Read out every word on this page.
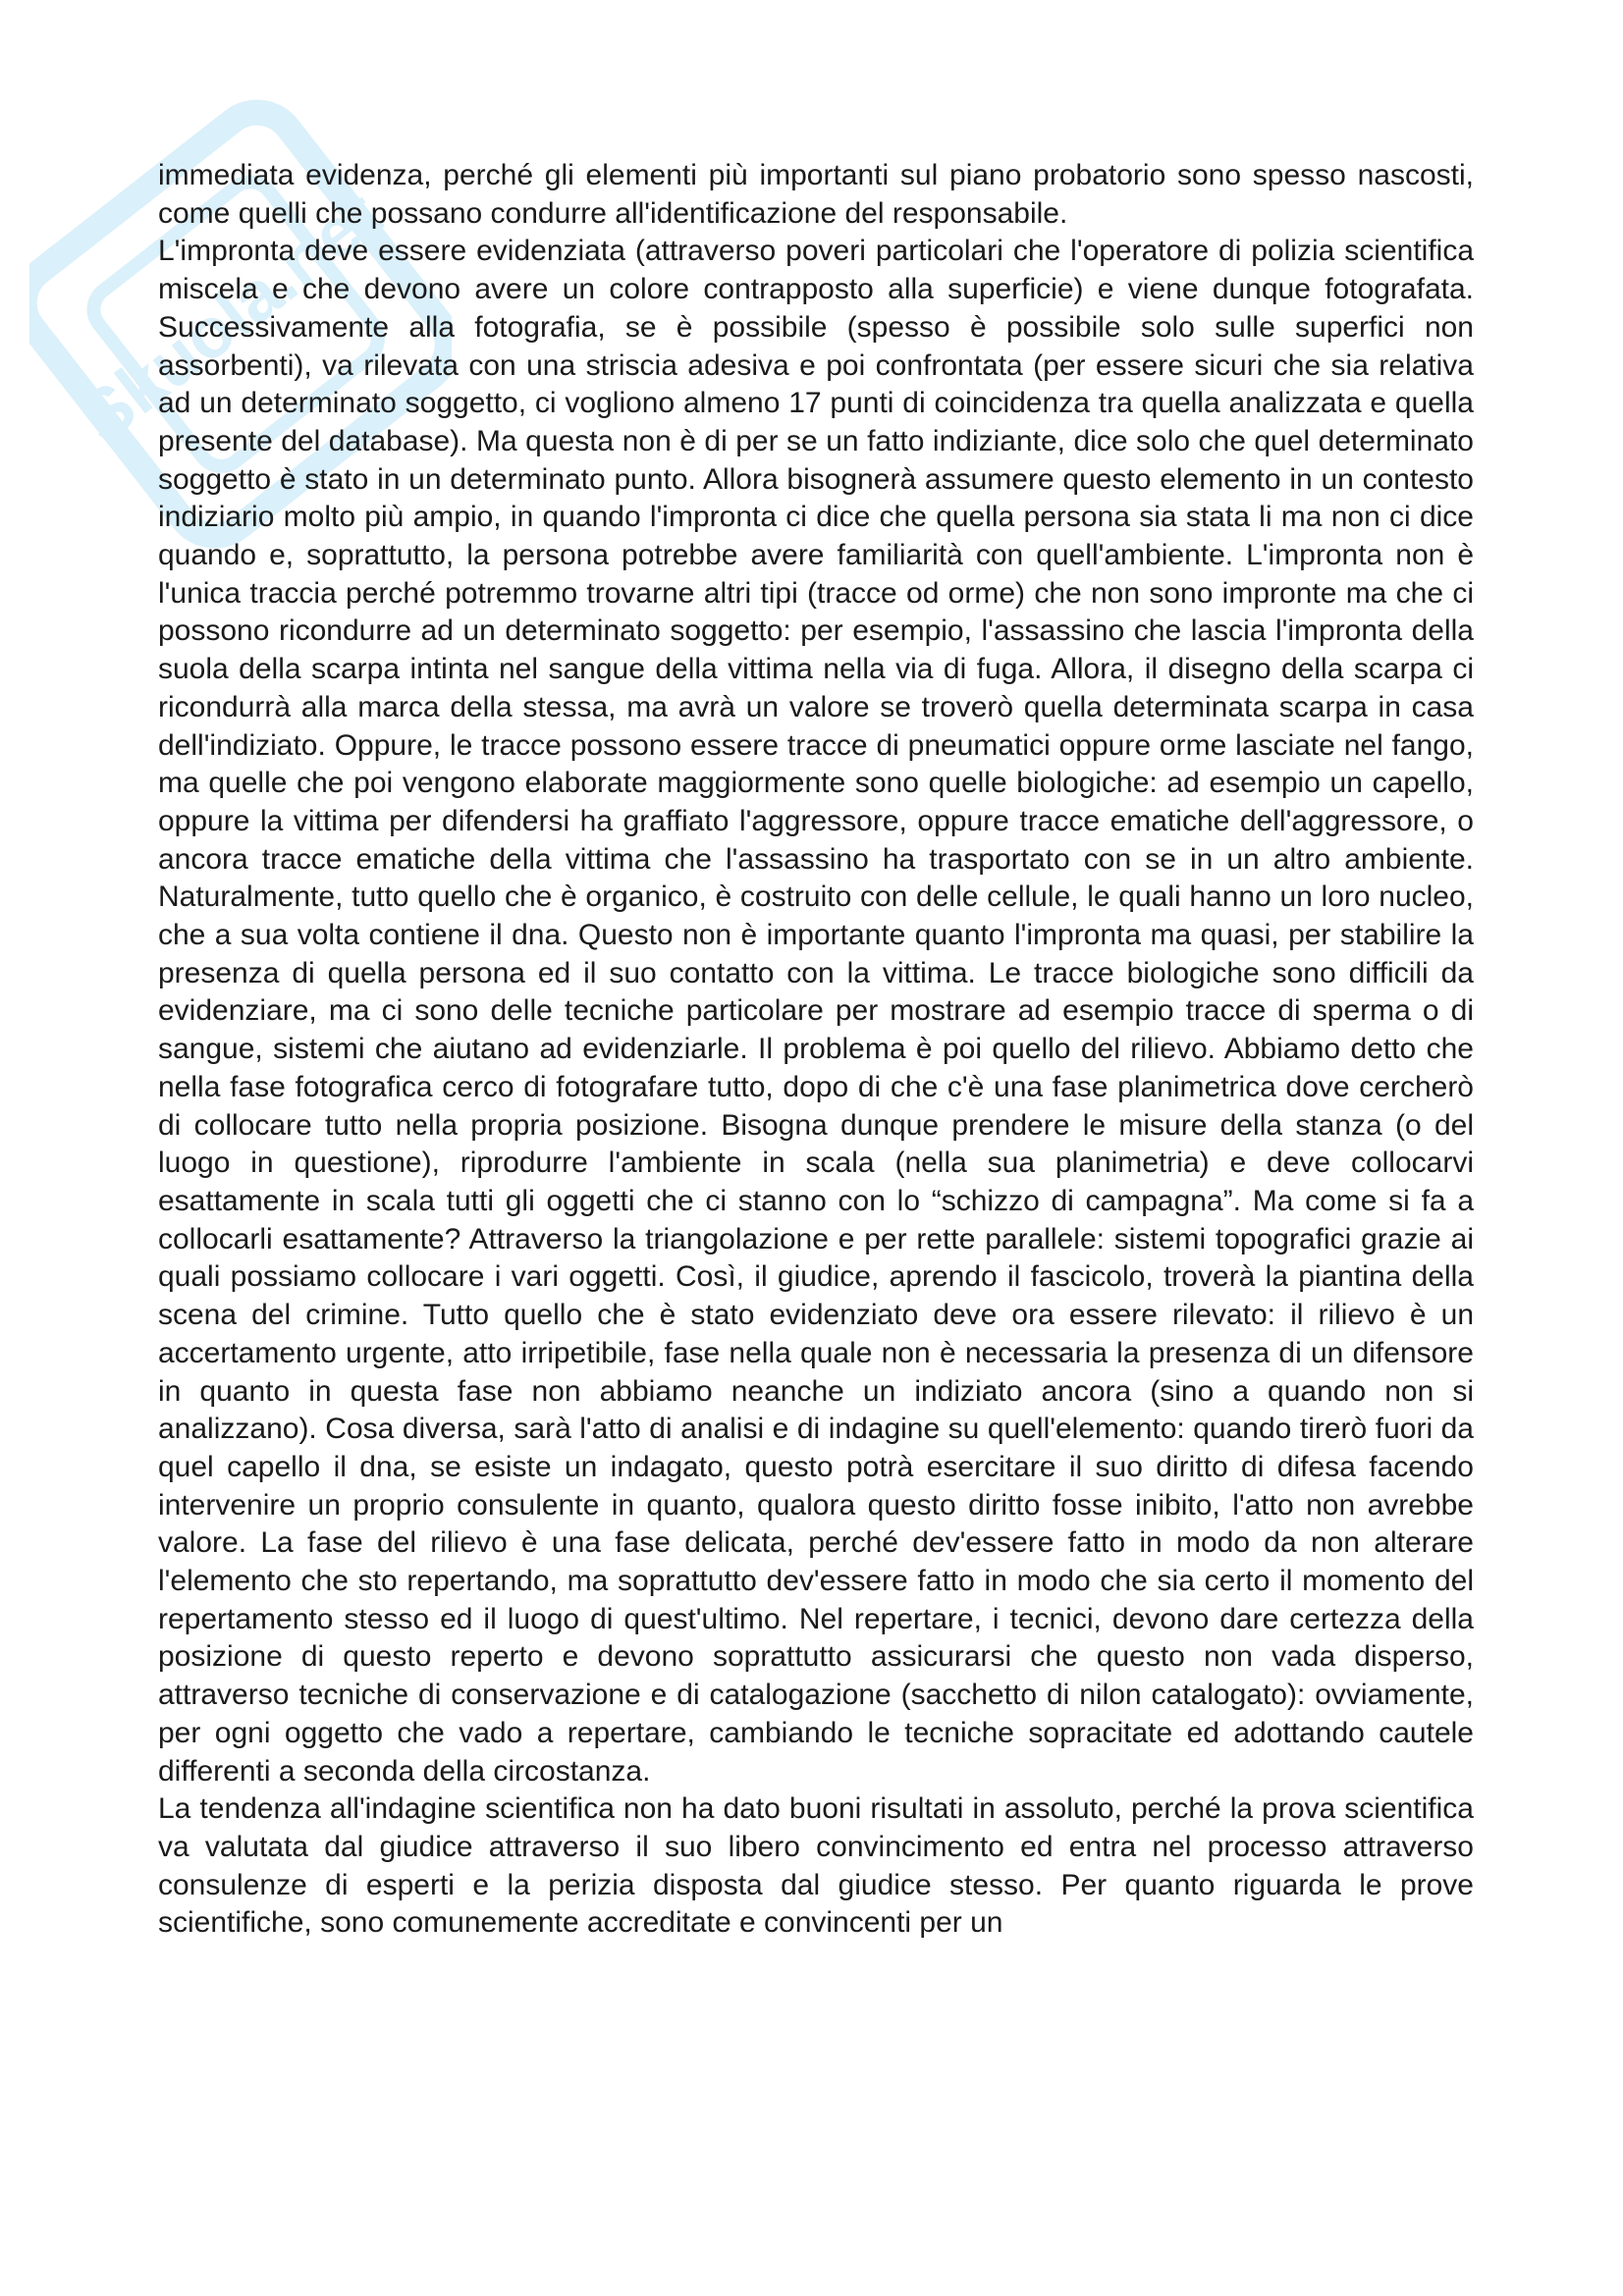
Skuola.net

immediata evidenza, perché gli elementi più importanti sul piano probatorio sono spesso nascosti, come quelli che possano condurre all'identificazione del responsabile.

L'impronta deve essere evidenziata (attraverso poveri particolari che l'operatore di polizia scientifica miscela e che devono avere un colore contrapposto alla superficie) e viene dunque fotografata. Successivamente alla fotografia, se è possibile (spesso è possibile solo sulle superfici non assorbenti), va rilevata con una striscia adesiva e poi confrontata (per essere sicuri che sia relativa ad un determinato soggetto, ci vogliono almeno 17 punti di coincidenza tra quella analizzata e quella presente del database). Ma questa non è di per se un fatto indiziante, dice solo che quel determinato soggetto è stato in un determinato punto. Allora bisognerà assumere questo elemento in un contesto indiziario molto più ampio, in quando l'impronta ci dice che quella persona sia stata li ma non ci dice quando e, soprattutto, la persona potrebbe avere familiarità con quell'ambiente. L'impronta non è l'unica traccia perché potremmo trovarne altri tipi (tracce od orme) che non sono impronte ma che ci possono ricondurre ad un determinato soggetto: per esempio, l'assassino che lascia l'impronta della suola della scarpa intinta nel sangue della vittima nella via di fuga. Allora, il disegno della scarpa ci ricondurrà alla marca della stessa, ma avrà un valore se troverò quella determinata scarpa in casa dell'indiziato. Oppure, le tracce possono essere tracce di pneumatici oppure orme lasciate nel fango, ma quelle che poi vengono elaborate maggiormente sono quelle biologiche: ad esempio un capello, oppure la vittima per difendersi ha graffiato l'aggressore, oppure tracce ematiche dell'aggressore, o ancora tracce ematiche della vittima che l'assassino ha trasportato con se in un altro ambiente. Naturalmente, tutto quello che è organico, è costruito con delle cellule, le quali hanno un loro nucleo, che a sua volta contiene il dna. Questo non è importante quanto l'impronta ma quasi, per stabilire la presenza di quella persona ed il suo contatto con la vittima. Le tracce biologiche sono difficili da evidenziare, ma ci sono delle tecniche particolare per mostrare ad esempio tracce di sperma o di sangue, sistemi che aiutano ad evidenziarle. Il problema è poi quello del rilievo. Abbiamo detto che nella fase fotografica cerco di fotografare tutto, dopo di che c'è una fase planimetrica dove cercherò di collocare tutto nella propria posizione. Bisogna dunque prendere le misure della stanza (o del luogo in questione), riprodurre l'ambiente in scala (nella sua planimetria) e deve collocarvi esattamente in scala tutti gli oggetti che ci stanno con lo “schizzo di campagna”. Ma come si fa a collocarli esattamente? Attraverso la triangolazione e per rette parallele: sistemi topografici grazie ai quali possiamo collocare i vari oggetti. Così, il giudice, aprendo il fascicolo, troverà la piantina della scena del crimine. Tutto quello che è stato evidenziato deve ora essere rilevato: il rilievo è un accertamento urgente, atto irripetibile, fase nella quale non è necessaria la presenza di un difensore in quanto in questa fase non abbiamo neanche un indiziato ancora (sino a quando non si analizzano). Cosa diversa, sarà l'atto di analisi e di indagine su quell'elemento: quando tirerò fuori da quel capello il dna, se esiste un indagato, questo potrà esercitare il suo diritto di difesa facendo intervenire un proprio consulente in quanto, qualora questo diritto fosse inibito, l'atto non avrebbe valore. La fase del rilievo è una fase delicata, perché dev'essere fatto in modo da non alterare l'elemento che sto repertando, ma soprattutto dev'essere fatto in modo che sia certo il momento del repertamento stesso ed il luogo di quest'ultimo. Nel repertare, i tecnici, devono dare certezza della posizione di questo reperto e devono soprattutto assicurarsi che questo non vada disperso, attraverso tecniche di conservazione e di catalogazione (sacchetto di nilon catalogato): ovviamente, per ogni oggetto che vado a repertare, cambiando le tecniche sopracitate ed adottando cautele differenti a seconda della circostanza.

La tendenza all'indagine scientifica non ha dato buoni risultati in assoluto, perché la prova scientifica va valutata dal giudice attraverso il suo libero convincimento ed entra nel processo attraverso consulenze di esperti e la perizia disposta dal giudice stesso. Per quanto riguarda le prove scientifiche, sono comunemente accreditate e convincenti per un
